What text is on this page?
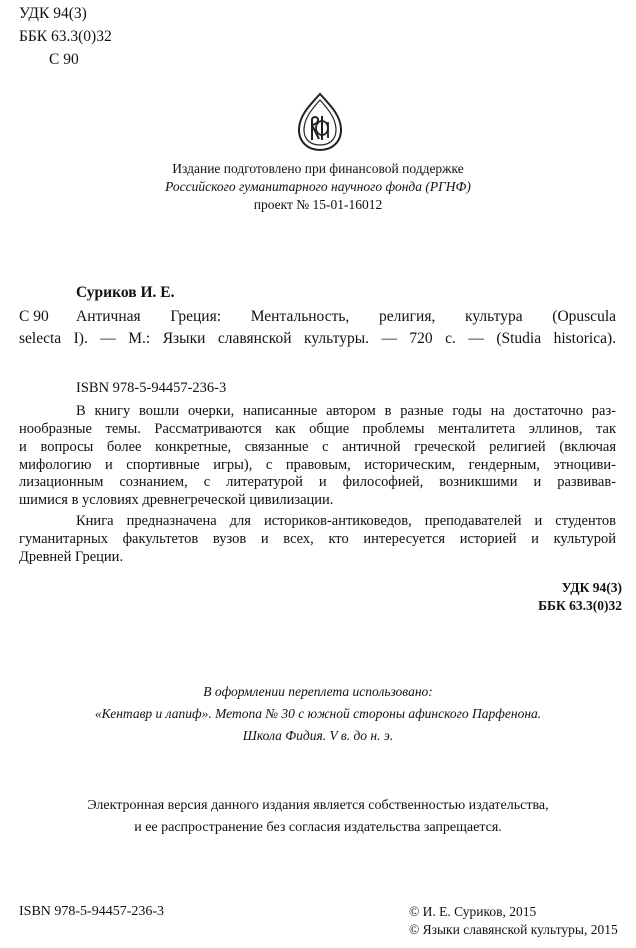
УДК 94(3)
ББК 63.3(0)32
С 90
Издание подготовлено при финансовой поддержке
Российского гуманитарного научного фонда (РГНФ)
проект № 15-01-16012
Суриков И. Е.
С 90 Античная Греция: Ментальность, религия, культура (Opuscula
selecta I). — М.: Языки славянской культуры. — 720 с. — (Studia historica).
ISBN 978-5-94457-236-3
В книгу вошли очерки, написанные автором в разные годы на достаточно раз-
нообразные темы. Рассматриваются как общие проблемы менталитета эллинов, так
и вопросы более конкретные, связанные с античной греческой религией (включая
мифологию и спортивные игры), с правовым, историческим, гендерным, этноциви-
лизационным сознанием, с литературой и философией, возникшими и развивав-
шимися в условиях древнегреческой цивилизации.
Книга предназначена для историков-антиковедов, преподавателей и студентов
гуманитарных факультетов вузов и всех, кто интересуется историей и культурой
Древней Греции.
УДК 94(3)
ББК 63.3(0)32
В оформлении переплета использовано:
«Кентавр и лапиф». Метопа № 30 с южной стороны афинского Парфенона.
Школа Фидия. V в. до н. э.
Электронная версия данного издания является собственностью издательства,
и ее распространение без согласия издательства запрещается.
ISBN 978-5-94457-236-3	© И. Е. Суриков, 2015
© Языки славянской культуры, 2015
